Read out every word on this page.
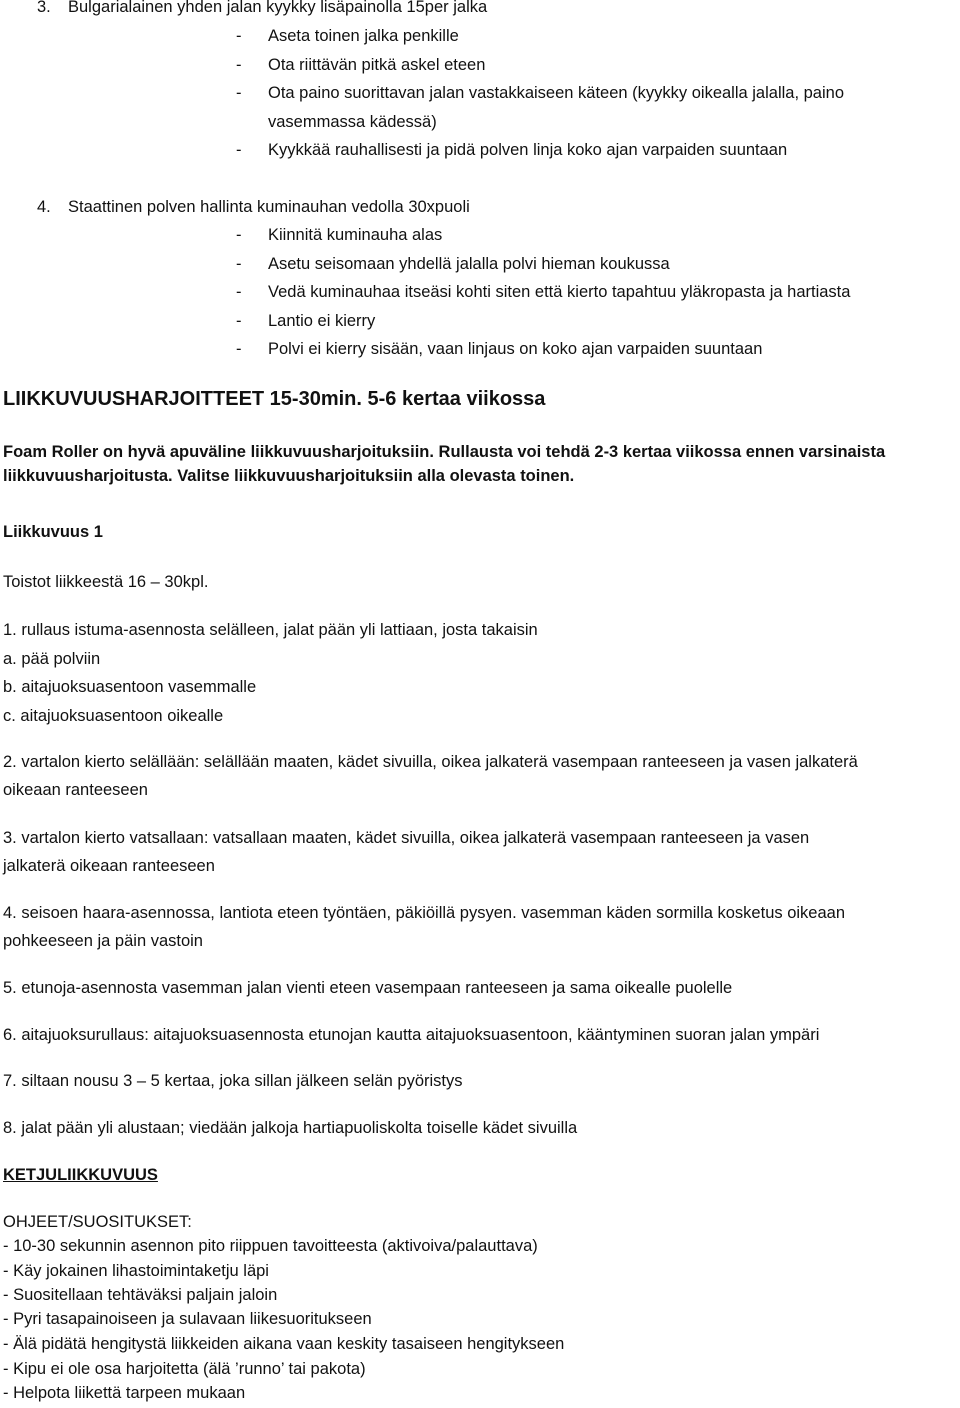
3. Bulgarialainen yhden jalan kyykky lisäpainolla 15per jalka
- Aseta toinen jalka penkille
- Ota riittävän pitkä askel eteen
- Ota paino suorittavan jalan vastakkaiseen käteen (kyykky oikealla jalalla, paino
vasemmassa kädessä)
- Kyykkää rauhallisesti ja pidä polven linja koko ajan varpaiden suuntaan
4. Staattinen polven hallinta kuminauhan vedolla 30xpuoli
- Kiinnitä kuminauha alas
- Asetu seisomaan yhdellä jalalla polvi hieman koukussa
- Vedä kuminauhaa itseäsi kohti siten että kierto tapahtuu yläkropasta ja hartiasta
- Lantio ei kierry
- Polvi ei kierry sisään, vaan linjaus on koko ajan varpaiden suuntaan
LIIKKUVUUSHARJOITTEET 15-30min. 5-6 kertaa viikossa
Foam Roller on hyvä apuväline liikkuvuusharjoituksiin. Rullausta voi tehdä 2-3 kertaa viikossa ennen varsinaista
liikkuvuusharjoitusta. Valitse liikkuvuusharjoituksiin alla olevasta toinen.
Liikkuvuus 1
Toistot liikkeestä 16 – 30kpl.
1. rullaus istuma-asennosta selälleen, jalat pään yli lattiaan, josta takaisin
a. pää polviin
b. aitajuoksuasentoon vasemmalle
c. aitajuoksuasentoon oikealle
2. vartalon kierto selällään: selällään maaten, kädet sivuilla, oikea jalkaterä vasempaan ranteeseen ja vasen jalkaterä
oikeaan ranteeseen
3. vartalon kierto vatsallaan: vatsallaan maaten, kädet sivuilla, oikea jalkaterä vasempaan ranteeseen ja vasen
jalkaterä oikeaan ranteeseen
4. seisoen haara-asennossa, lantiota eteen työntäen, päkiöillä pysyen. vasemman käden sormilla kosketus oikeaan
pohkeeseen ja päin vastoin
5. etunoja-asennosta vasemman jalan vienti eteen vasempaan ranteeseen ja sama oikealle puolelle
6. aitajuoksurullaus: aitajuoksuasennosta etunojan kautta aitajuoksuasentoon, kääntyminen suoran jalan ympäri
7. siltaan nousu 3 – 5 kertaa, joka sillan jälkeen selän pyöristys
8. jalat pään yli alustaan; viedään jalkoja hartiapuoliskolta toiselle kädet sivuilla
KETJULIIKKUVUUS
OHJEET/SUOSITUKSET:
- 10-30 sekunnin asennon pito riippuen tavoitteesta (aktivoiva/palauttava)
- Käy jokainen lihastoimintaketju läpi
- Suositellaan tehtäväksi paljain jaloin
- Pyri tasapainoiseen ja sulavaan liikesuoritukseen
- Älä pidätä hengitystä liikkeiden aikana vaan keskity tasaiseen hengitykseen
- Kipu ei ole osa harjoitetta (älä ’runno’ tai pakota)
- Helpota liikettä tarpeen mukaan
